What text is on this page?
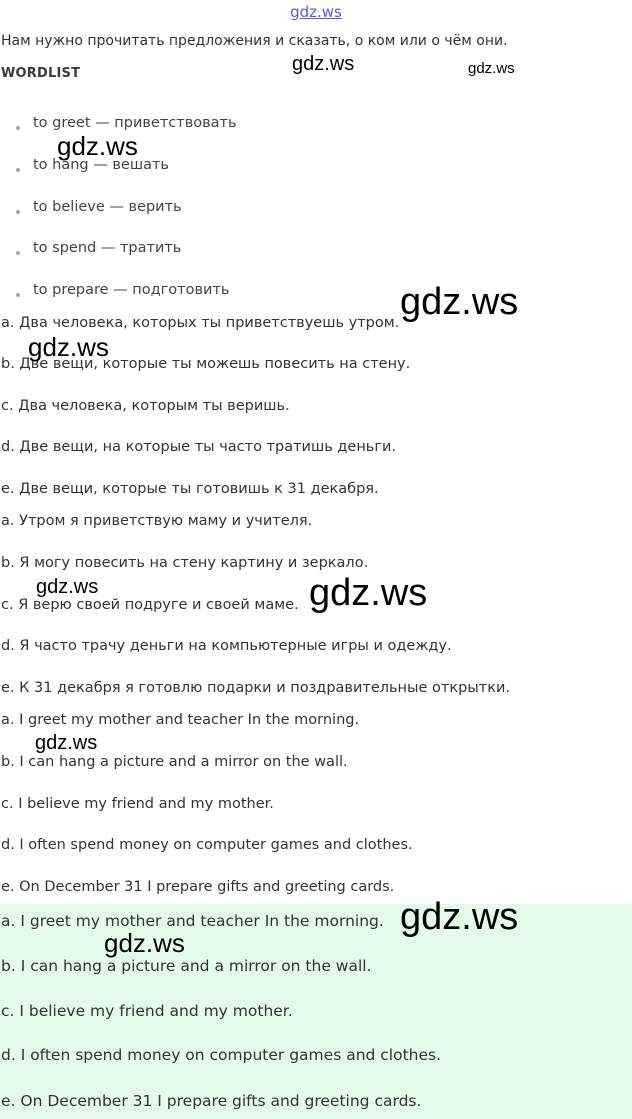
gdz.ws
Нам нужно прочитать предложения и сказать, о ком или о чём они.
WORDLIST
to greet — приветствовать
to hang — вешать
to believe — верить
to spend — тратить
to prepare — подготовить
a. Два человека, которых ты приветствуешь утром.
b. Две вещи, которые ты можешь повесить на стену.
c. Два человека, которым ты веришь.
d. Две вещи, на которые ты часто тратишь деньги.
e. Две вещи, которые ты готовишь к 31 декабря.
a. Утром я приветствую маму и учителя.
b. Я могу повесить на стену картину и зеркало.
c. Я верю своей подруге и своей маме.
d. Я часто трачу деньги на компьютерные игры и одежду.
e. К 31 декабря я готовлю подарки и поздравительные открытки.
a. I greet my mother and teacher In the morning.
b. I can hang a picture and a mirror on the wall.
c. I believe my friend and my mother.
d. I often spend money on computer games and clothes.
e. On December 31 I prepare gifts and greeting cards.
a. I greet my mother and teacher In the morning.
b. I can hang a picture and a mirror on the wall.
c. I believe my friend and my mother.
d. I often spend money on computer games and clothes.
e. On December 31 I prepare gifts and greeting cards.
gdz.ws	gdz.ws
gdz.ws
gdz.ws
gdz.ws
gdz.ws	gdz.ws
gdz.ws
gdz.ws
gdz.ws
